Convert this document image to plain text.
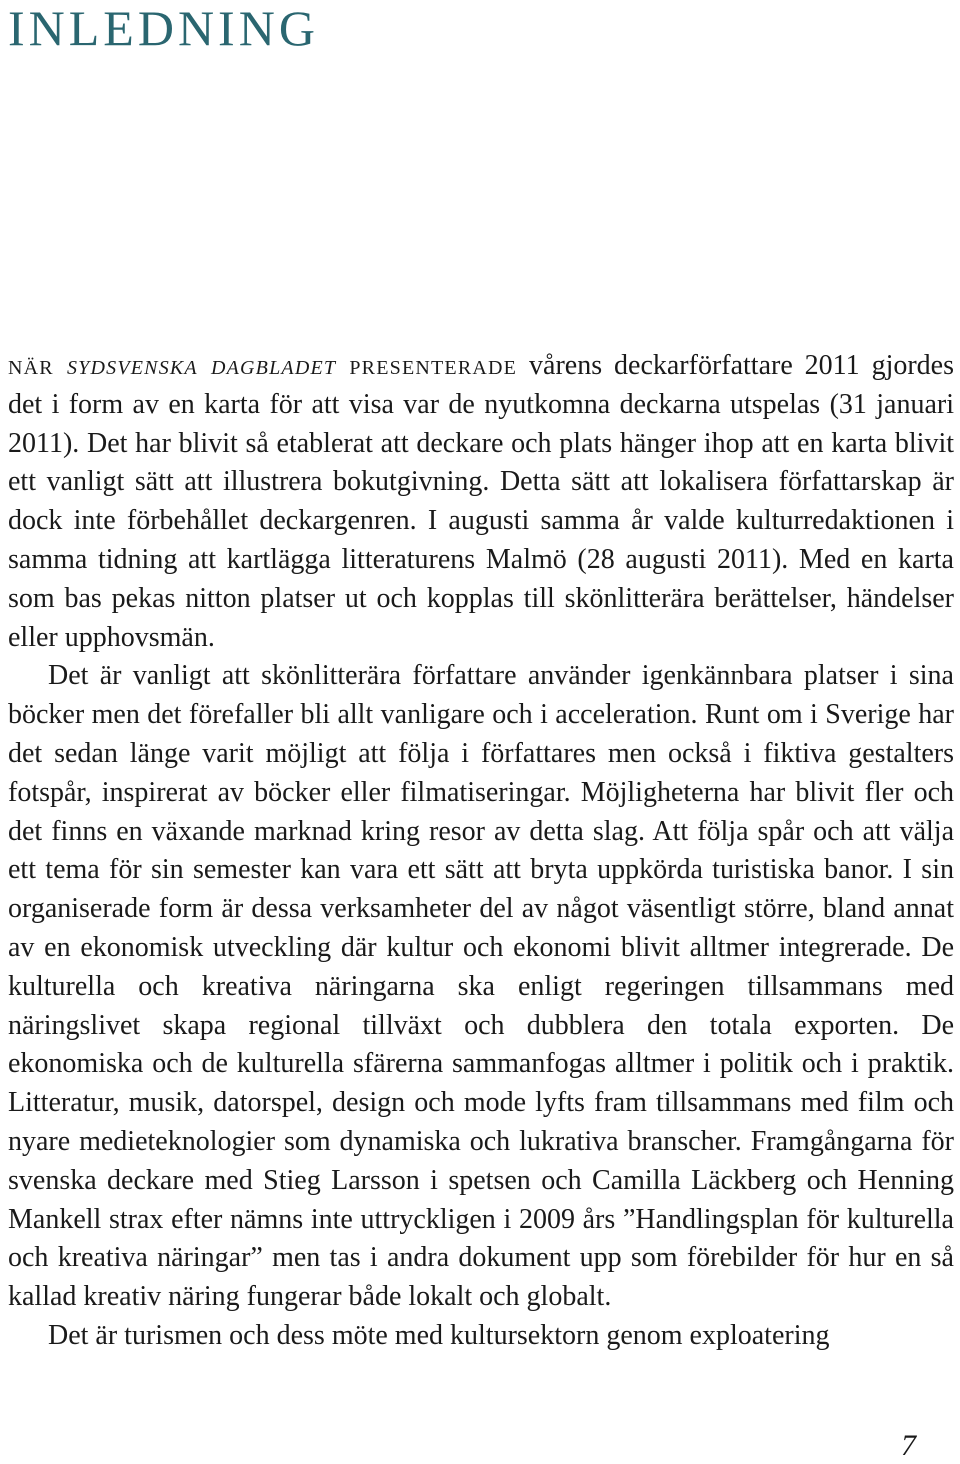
INLEDNING

när sydsvenska dagbladet presenterade vårens deckarförfattare 2011 gjordes det i form av en karta för att visa var de nyutkomna deckarna utspelas (31 januari 2011). Det har blivit så etablerat att deckare och plats hänger ihop att en karta blivit ett vanligt sätt att illustrera bokutgivning. Detta sätt att lokalisera författarskap är dock inte förbehållet deckargenren. I augusti samma år valde kulturredaktionen i samma tidning att kartlägga litteraturens Malmö (28 augusti 2011). Med en karta som bas pekas nitton platser ut och kopplas till skönlitterära berättelser, händelser eller upphovsmän.

Det är vanligt att skönlitterära författare använder igenkännbara platser i sina böcker men det förefaller bli allt vanligare och i acceleration. Runt om i Sverige har det sedan länge varit möjligt att följa i författares men också i fiktiva gestalters fotspår, inspirerat av böcker eller filmatiseringar. Möjligheterna har blivit fler och det finns en växande marknad kring resor av detta slag. Att följa spår och att välja ett tema för sin semester kan vara ett sätt att bryta uppkörda turistiska banor. I sin organiserade form är dessa verksamheter del av något väsentligt större, bland annat av en ekonomisk utveckling där kultur och ekonomi blivit alltmer integrerade. De kulturella och kreativa näringarna ska enligt regeringen tillsammans med näringslivet skapa regional tillväxt och dubblera den totala exporten. De ekonomiska och de kulturella sfärerna sammanfogas alltmer i politik och i praktik. Litteratur, musik, datorspel, design och mode lyfts fram tillsammans med film och nyare medieteknologier som dynamiska och lukrativa branscher. Framgångarna för svenska deckare med Stieg Larsson i spetsen och Camilla Läckberg och Henning Mankell strax efter nämns inte uttryckligen i 2009 års ”Handlingsplan för kulturella och kreativa näringar” men tas i andra dokument upp som förebilder för hur en så kallad kreativ näring fungerar både lokalt och globalt.

Det är turismen och dess möte med kultursektorn genom exploatering

7
